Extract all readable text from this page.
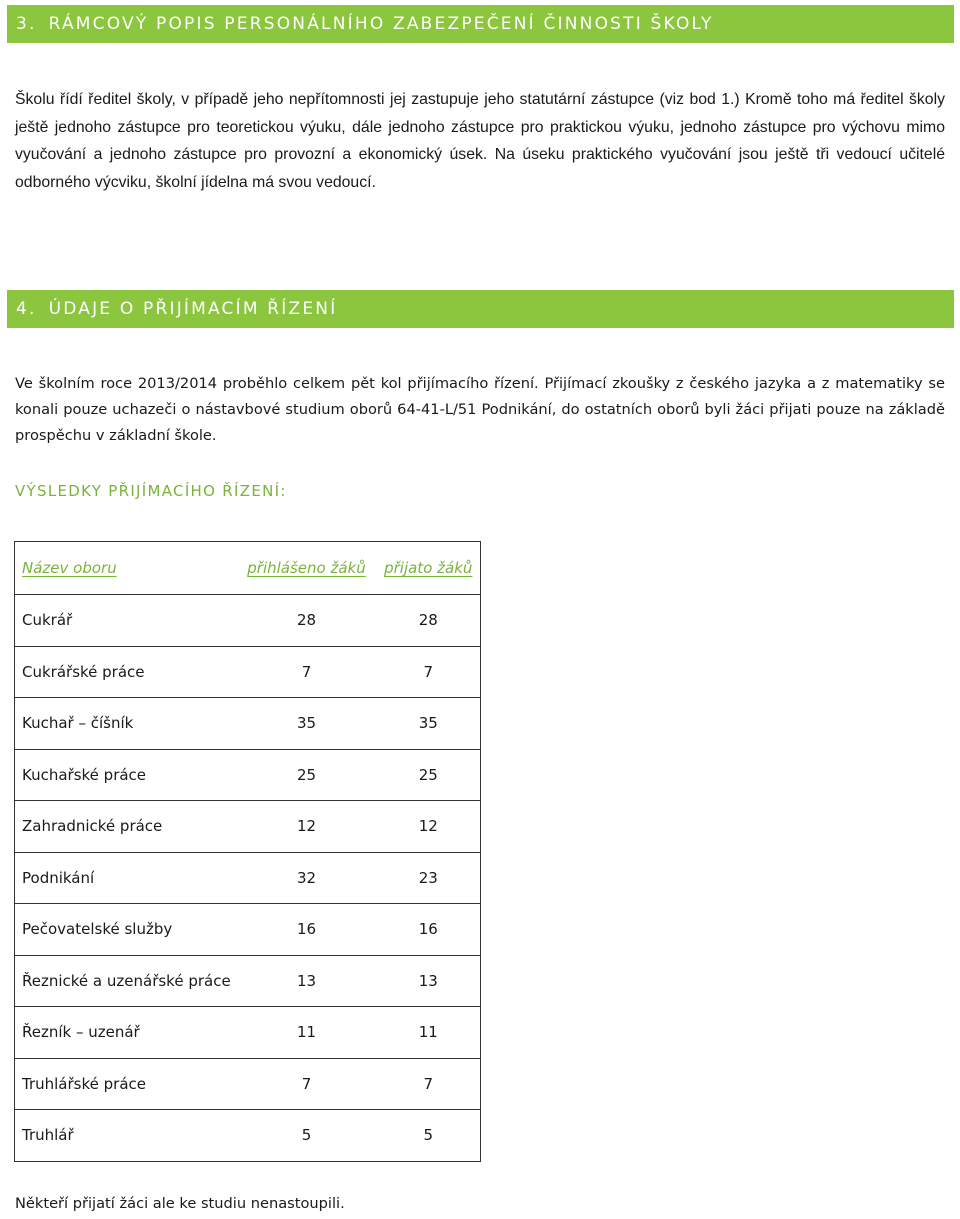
3. RÁMCOVÝ POPIS PERSONÁLNÍHO ZABEZPEČENÍ ČINNOSTI ŠKOLY

Školu řídí ředitel školy, v případě jeho nepřítomnosti jej zastupuje jeho statutární zástupce (viz bod 1.) Kromě toho má ředitel školy ještě jednoho zástupce pro teoretickou výuku, dále jednoho zástupce pro praktickou výuku, jednoho zástupce pro výchovu mimo vyučování a jednoho zástupce pro provozní a ekonomický úsek. Na úseku praktického vyučování jsou ještě tři vedoucí učitelé odborného výcviku, školní jídelna má svou vedoucí.

4. ÚDAJE O PŘIJÍMACÍM ŘÍZENÍ

Ve školním roce 2013/2014 proběhlo celkem pět kol přijímacího řízení. Přijímací zkoušky z českého jazyka a z matematiky se konali pouze uchazeči o nástavbové studium oborů 64-41-L/51 Podnikání, do ostatních oborů byli žáci přijati pouze na základě prospěchu v základní škole.

VÝSLEDKY PŘIJÍMACÍHO ŘÍZENÍ:
Název oboru	přihlášeno žáků	přijato žáků
Cukrář	28	28
Cukrářské práce	7	7
Kuchař – číšník	35	35
Kuchařské práce	25	25
Zahradnické práce	12	12
Podnikání	32	23
Pečovatelské služby	16	16
Řeznické a uzenářské práce	13	13
Řezník – uzenář	11	11
Truhlářské práce	7	7
Truhlář	5	5

Někteří přijatí žáci ale ke studiu nenastoupili.
